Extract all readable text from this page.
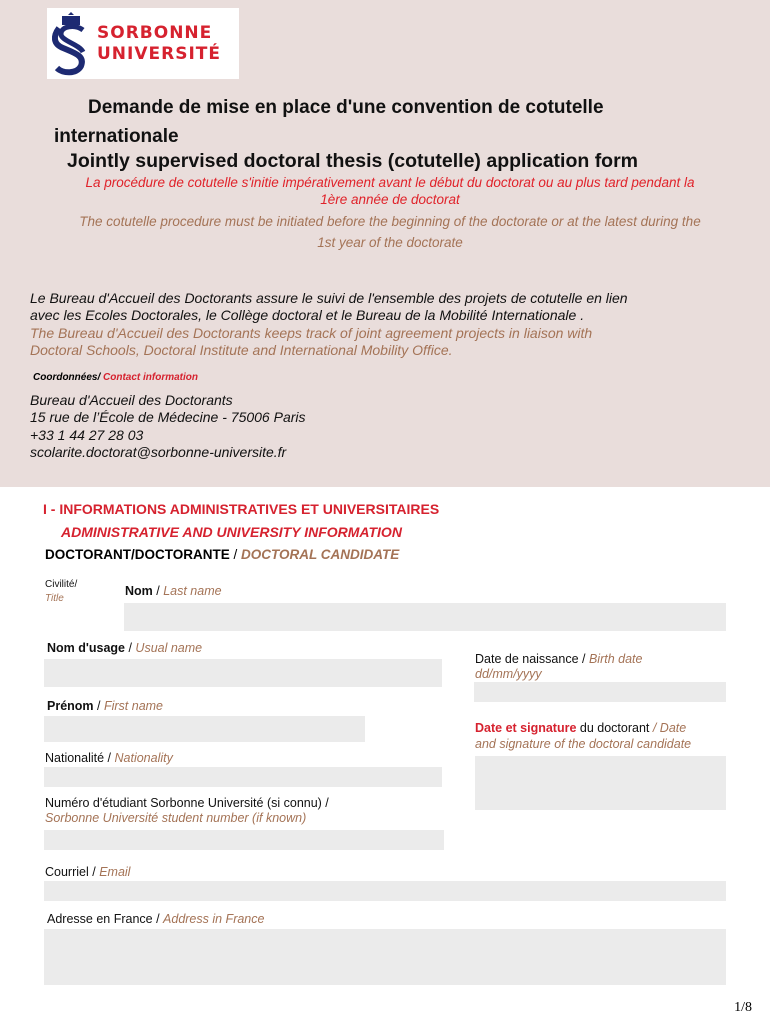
SORBONNE
UNIVERSITÉ
Demande de mise en place d'une convention de cotutelle
internationale
Jointly supervised doctoral thesis (cotutelle) application form
La procédure de cotutelle s'initie impérativement avant le début du doctorat ou au plus tard pendant la
1ère année de doctorat
The cotutelle procedure must be initiated before the beginning of the doctorate or at the latest during the
1st year of the doctorate
Le Bureau d'Accueil des Doctorants assure le suivi de l'ensemble des projets de cotutelle en lien
avec les Ecoles Doctorales, le Collège doctoral et le Bureau de la Mobilité Internationale .
The Bureau d'Accueil des Doctorants keeps track of joint agreement projects in liaison with
Doctoral Schools, Doctoral Institute and International Mobility Office.
Coordonnées/ Contact information
Bureau d'Accueil des Doctorants
15 rue de l’École de Médecine - 75006 Paris
+33 1 44 27 28 03
scolarite.doctorat@sorbonne-universite.fr
I - INFORMATIONS ADMINISTRATIVES ET UNIVERSITAIRES
ADMINISTRATIVE AND UNIVERSITY INFORMATION
DOCTORANT/DOCTORANTE / DOCTORAL CANDIDATE
Civilité/
Title
Nom / Last name
Nom d'usage / Usual name
Date de naissance / Birth date
dd/mm/yyyy
Prénom / First name
Date et signature du doctorant / Date
and signature of the doctoral candidate
Nationalité / Nationality
Numéro d'étudiant Sorbonne Université (si connu) /
Sorbonne Université student number (if known)
Courriel / Email
Adresse en France / Address in France
1/8
